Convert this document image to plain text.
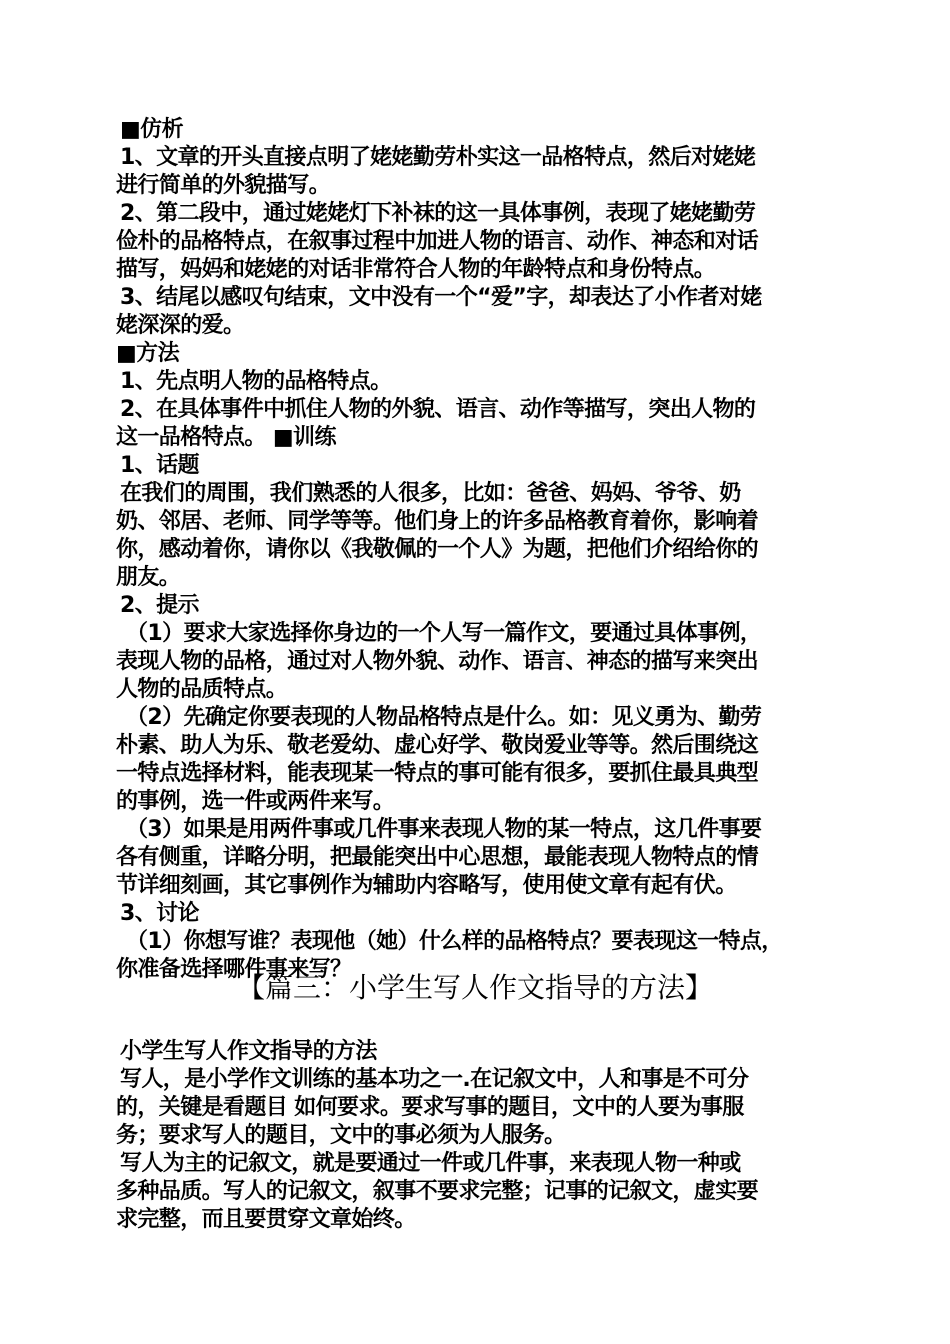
■仿析
1、文章的开头直接点明了姥姥勤劳朴实这一品格特点，然后对姥姥
进行简单的外貌描写。
2、第二段中，通过姥姥灯下补袜的这一具体事例，表现了姥姥勤劳
俭朴的品格特点，在叙事过程中加进人物的语言、动作、神态和对话
描写，妈妈和姥姥的对话非常符合人物的年龄特点和身份特点。
3、结尾以感叹句结束，文中没有一个“爱”字，却表达了小作者对姥
姥深深的爱。
■方法
1、先点明人物的品格特点。
2、在具体事件中抓住人物的外貌、语言、动作等描写，突出人物的
这一品格特点。 ■训练
1、话题
在我们的周围，我们熟悉的人很多，比如：爸爸、妈妈、爷爷、奶
奶、邻居、老师、同学等等。他们身上的许多品格教育着你，影响着
你，感动着你，请你以《我敬佩的一个人》为题，把他们介绍给你的
朋友。
2、提示
（1）要求大家选择你身边的一个人写一篇作文，要通过具体事例，
表现人物的品格，通过对人物外貌、动作、语言、神态的描写来突出
人物的品质特点。
（2）先确定你要表现的人物品格特点是什么。如：见义勇为、勤劳
朴素、助人为乐、敬老爱幼、虚心好学、敬岗爱业等等。然后围绕这
一特点选择材料，能表现某一特点的事可能有很多，要抓住最具典型
的事例，选一件或两件来写。
（3）如果是用两件事或几件事来表现人物的某一特点，这几件事要
各有侧重，详略分明，把最能突出中心思想，最能表现人物特点的情
节详细刻画，其它事例作为辅助内容略写，使用使文章有起有伏。
3、讨论
（1）你想写谁？表现他（她）什么样的品格特点？要表现这一特点，
你准备选择哪件事来写？
【篇三：小学生写人作文指导的方法】
小学生写人作文指导的方法
写人，是小学作文训练的基本功之一.在记叙文中，人和事是不可分
的，关键是看题目 如何要求。要求写事的题目，文中的人要为事服
务；要求写人的题目，文中的事必须为人服务。
写人为主的记叙文，就是要通过一件或几件事，来表现人物一种或
多种品质。写人的记叙文，叙事不要求完整；记事的记叙文，虚实要
求完整，而且要贯穿文章始终。
